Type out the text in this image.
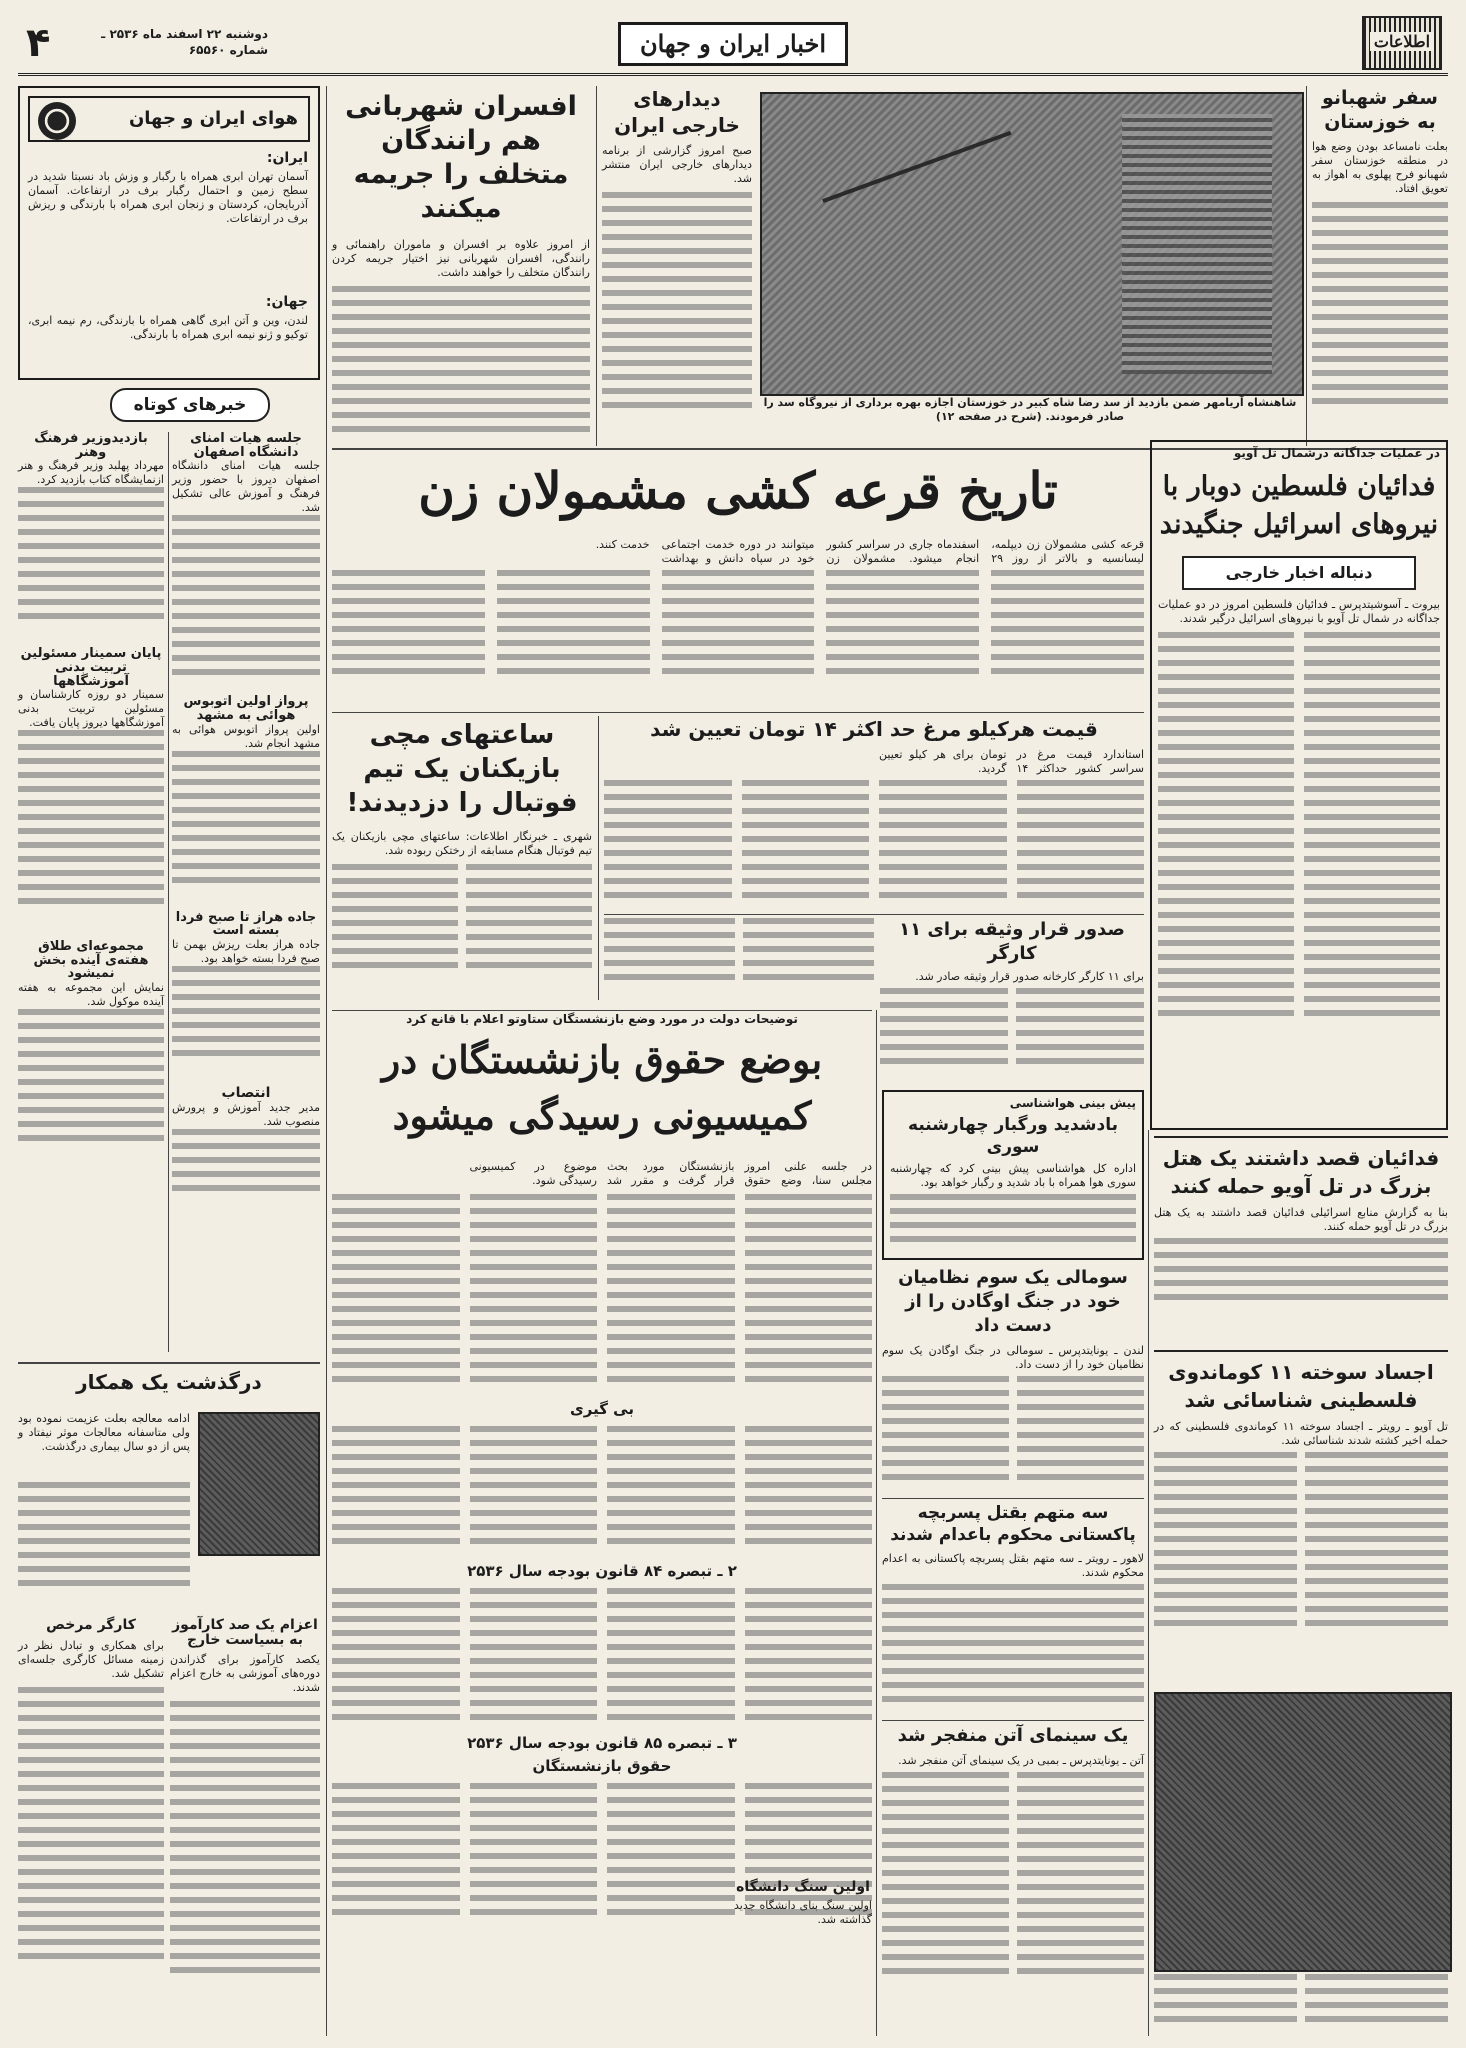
۴	دوشنبه ۲۲ اسفند ماه ۲۵۳۶ ـ شماره ۶۵۵۶۰	اخبار ایران و جهان	اطلاعات
هوای ایران و جهان
ایران:
آسمان تهران ابری همراه با رگبار و وزش باد نسبتا شدید در سطح زمین و احتمال رگبار برف در ارتفاعات. آسمان آذربایجان، کردستان و زنجان ابری همراه با بارندگی و ریزش برف در ارتفاعات.
جهان:
لندن، وین و آتن ابری گاهی همراه با بارندگی، رم نیمه ابری، توکیو و ژنو نیمه ابری همراه با بارندگی.
خبرهای کوتاه
جلسه هیات امنای دانشگاه اصفهان
جلسه هیات امنای دانشگاه اصفهان دیروز با حضور وزیر فرهنگ و آموزش عالی تشکیل شد.
پرواز اولین اتوبوس هوائی به مشهد
اولین پرواز اتوبوس هوائی به مشهد انجام شد.
جاده هراز تا صبح فردا بسته است
جاده هراز بعلت ریزش بهمن تا صبح فردا بسته خواهد بود.
انتصاب
مدیر جدید آموزش و پرورش منصوب شد.
بازدیدوزیر فرهنگ وهنر
مهرداد پهلبد وزیر فرهنگ و هنر ازنمایشگاه کتاب بازدید کرد.
پایان سمینار مسئولین تربیت بدنی آموزشگاهها
سمینار دو روزه کارشناسان و مسئولین تربیت بدنی آموزشگاهها دیروز پایان یافت.
مجموعه‌ای طلاق هفته‌ی آینده بخش نمیشود
نمایش این مجموعه به هفته آینده موکول شد.
درگذشت یک همکار
ادامه معالجه بعلت عزیمت نموده بود ولی متاسفانه معالجات موثر نیفتاد و پس از دو سال بیماری درگذشت.
اعزام یک صد کارآموز به بسیاست خارج
یکصد کارآموز برای گذراندن دوره‌های آموزشی به خارج اعزام شدند.
کارگر مرخص
برای همکاری و تبادل نظر در زمینه مسائل کارگری جلسه‌ای تشکیل شد.
افسران شهربانی هم رانندگان متخلف را جریمه میکنند
از امروز علاوه بر افسران و ماموران راهنمائی و رانندگی، افسران شهربانی نیز اختیار جریمه کردن رانندگان متخلف را خواهند داشت.
دیدارهای خارجی ایران
صبح امروز گزارشی از برنامه دیدارهای خارجی ایران منتشر شد.
شاهنشاه آریامهر ضمن بازدید از سد رضا شاه کبیر در خوزستان اجازه بهره برداری از نیروگاه سد را صادر فرمودند. (شرح در صفحه ۱۲)
سفر شهبانو به خوزستان
بعلت نامساعد بودن وضع هوا در منطقه خوزستان سفر شهبانو فرح پهلوی به اهواز به تعویق افتاد.
تاریخ قرعه کشی مشمولان زن
قرعه کشی مشمولان زن دیپلمه، لیسانسیه و بالاتر از روز ۲۹ اسفندماه جاری در سراسر کشور انجام میشود. مشمولان زن میتوانند در دوره خدمت اجتماعی خود در سپاه دانش و بهداشت خدمت کنند.
در عملیات جداگانه درشمال تل آویو
فدائیان فلسطین دوبار با نیروهای اسرائیل جنگیدند
دنباله اخبار خارجی
بیروت ـ آسوشیتدپرس ـ فدائیان فلسطین امروز در دو عملیات جداگانه در شمال تل آویو با نیروهای اسرائیل درگیر شدند.
ساعتهای مچی بازیکنان یک تیم فوتبال را دزدیدند!
شهری ـ خبرنگار اطلاعات: ساعتهای مچی بازیکنان یک تیم فوتبال هنگام مسابقه از رختکن ربوده شد.
قیمت هرکیلو مرغ حد اکثر ۱۴ تومان تعیین شد
استاندارد قیمت مرغ در سراسر کشور حداکثر ۱۴ تومان برای هر کیلو تعیین گردید.
صدور قرار وثیقه برای ۱۱ کارگر
برای ۱۱ کارگر کارخانه صدور قرار وثیقه صادر شد.
توضیحات دولت در مورد وضع بازنشستگان ستاوتو اعلام با قانع کرد
بوضع حقوق بازنشستگان در کمیسیونی رسیدگی میشود
در جلسه علنی امروز مجلس سنا، وضع حقوق بازنشستگان مورد بحث قرار گرفت و مقرر شد موضوع در کمیسیونی رسیدگی شود.
بی گیری
۲ ـ تبصره ۸۴ قانون بودجه سال ۲۵۳۶
۳ ـ تبصره ۸۵ قانون بودجه سال ۲۵۳۶
حقوق بازنشستگان
پیش بینی هواشناسی
بادشدید ورگبار چهارشنبه سوری
اداره کل هواشناسی پیش بینی کرد که چهارشنبه سوری هوا همراه با باد شدید و رگبار خواهد بود.
سومالی یک سوم نظامیان خود در جنگ اوگادن را از دست داد
لندن ـ یونایتدپرس ـ سومالی در جنگ اوگادن یک سوم نظامیان خود را از دست داد.
سه متهم بقتل پسربچه پاکستانی محکوم باعدام شدند
لاهور ـ رویتر ـ سه متهم بقتل پسربچه پاکستانی به اعدام محکوم شدند.
یک سینمای آتن منفجر شد
آتن ـ یونایتدپرس ـ بمبی در یک سینمای آتن منفجر شد.
اولین سنگ دانشگاه
اولین سنگ بنای دانشگاه جدید گذاشته شد.
فدائیان قصد داشتند یک هتل بزرگ در تل آویو حمله کنند
بنا به گزارش منابع اسرائیلی فدائیان قصد داشتند به یک هتل بزرگ در تل آویو حمله کنند.
اجساد سوخته ۱۱ کوماندوی فلسطینی شناسائی شد
تل آویو ـ رویتر ـ اجساد سوخته ۱۱ کوماندوی فلسطینی که در حمله اخیر کشته شدند شناسائی شد.
